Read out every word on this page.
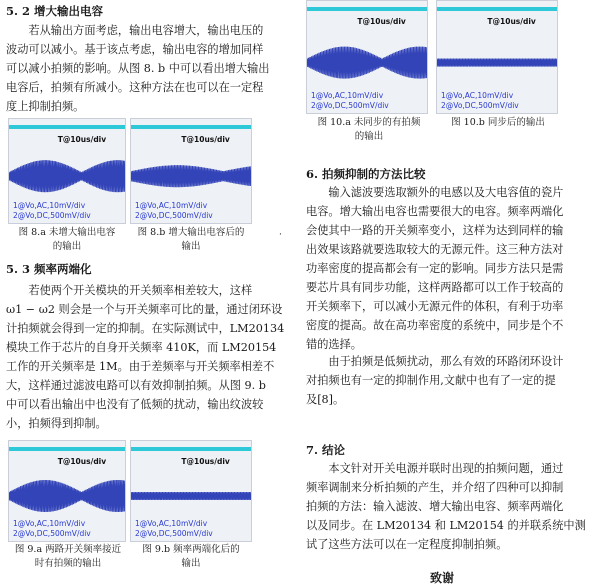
5. 2 增大输出电容
若从输出方面考虑，输出电容增大，输出电压的
波动可以减小。基于该点考虑，输出电容的增加同样
可以减小拍频的影响。从图 8. b 中可以看出增大输出
电容后，拍频有所减小。这种方法在也可以在一定程
度上抑制拍频。
T@10us/div
1@Vo,AC,10mV/div
2@Vo,DC,500mV/div
T@10us/div
1@Vo,AC,10mV/div
2@Vo,DC,500mV/div
图 8.a 未增大输出电容
的输出
图 8.b 增大输出电容后的
输出
5. 3 频率两端化
若使两个开关模块的开关频率相差较大，这样
ω1 − ω2 则会是一个与开关频率可比的量，通过闭环设
计拍频就会得到一定的抑制。在实际测试中，LM20134
模块工作于芯片的自身开关频率 410K，而 LM20154
工作的开关频率是 1M。由于差频率与开关频率相差不
大，这样通过滤波电路可以有效抑制拍频。从图 9. b
中可以看出输出中也没有了低频的扰动，输出纹波较
小，拍频得到抑制。
T@10us/div
1@Vo,AC,10mV/div
2@Vo,DC,500mV/div
T@10us/div
1@Vo,AC,10mV/div
2@Vo,DC,500mV/div
图 9.a 两路开关频率接近
时有拍频的输出
图 9.b 频率两端化后的
输出
·
T@10us/div
1@Vo,AC,10mV/div
2@Vo,DC,500mV/div
T@10us/div
1@Vo,AC,10mV/div
2@Vo,DC,500mV/div
图 10.a 未同步的有拍频
的输出
图 10.b 同步后的输出
6. 拍频抑制的方法比较
输入滤波要选取额外的电感以及大电容值的瓷片
电容。增大输出电容也需要很大的电容。频率两端化
会使其中一路的开关频率变小，这样为达到同样的输
出效果该路就要选取较大的无源元件。这三种方法对
功率密度的提高都会有一定的影响。同步方法只是需
要芯片具有同步功能，这样两路都可以工作于较高的
开关频率下，可以减小无源元件的体积，有利于功率
密度的提高。故在高功率密度的系统中，同步是个不
错的选择。
由于拍频是低频扰动，那么有效的环路闭环设计
对拍频也有一定的抑制作用,文献中也有了一定的提
及[8]。
7. 结论
本文针对开关电源并联时出现的拍频问题，通过
频率调制来分析拍频的产生，并介绍了四种可以抑制
拍频的方法：输入滤波、增大输出电容、频率两端化
以及同步。在 LM20134 和 LM20154 的并联系统中测
试了这些方法可以在一定程度抑制拍频。
致谢
